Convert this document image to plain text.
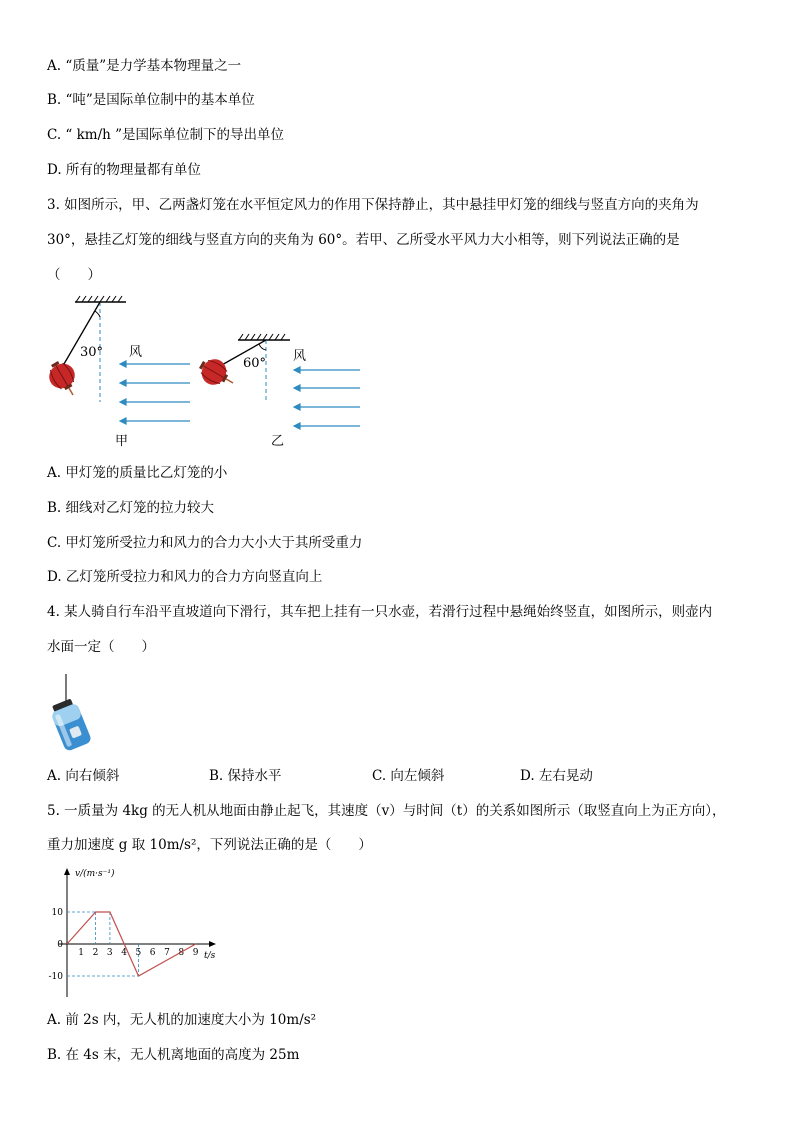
A. “质量”是力学基本物理量之一
B. “吨”是国际单位制中的基本单位
C. “ km/h ”是国际单位制下的导出单位
D. 所有的物理量都有单位
3. 如图所示，甲、乙两盏灯笼在水平恒定风力的作用下保持静止，其中悬挂甲灯笼的细线与竖直方向的夹角为
30°，悬挂乙灯笼的细线与竖直方向的夹角为 60°。若甲、乙所受水平风力大小相等，则下列说法正确的是
（　　）
30° 风
甲
60° 风
乙
A. 甲灯笼的质量比乙灯笼的小
B. 细线对乙灯笼的拉力较大
C. 甲灯笼所受拉力和风力的合力大小大于其所受重力
D. 乙灯笼所受拉力和风力的合力方向竖直向上
4. 某人骑自行车沿平直坡道向下滑行，其车把上挂有一只水壶，若滑行过程中悬绳始终竖直，如图所示，则壶内
水面一定（　　）
A. 向右倾斜	B. 保持水平	C. 向左倾斜	D. 左右晃动
5. 一质量为 4kg 的无人机从地面由静止起飞，其速度（v）与时间（t）的关系如图所示（取竖直向上为正方向），
重力加速度 g 取 10m/s²，下列说法正确的是（　　）
1 2 3 4 5 6 7 8 9
10
0
-10
v/(m·s⁻¹)
t/s
A. 前 2s 内，无人机的加速度大小为 10m/s²
B. 在 4s 末，无人机离地面的高度为 25m
